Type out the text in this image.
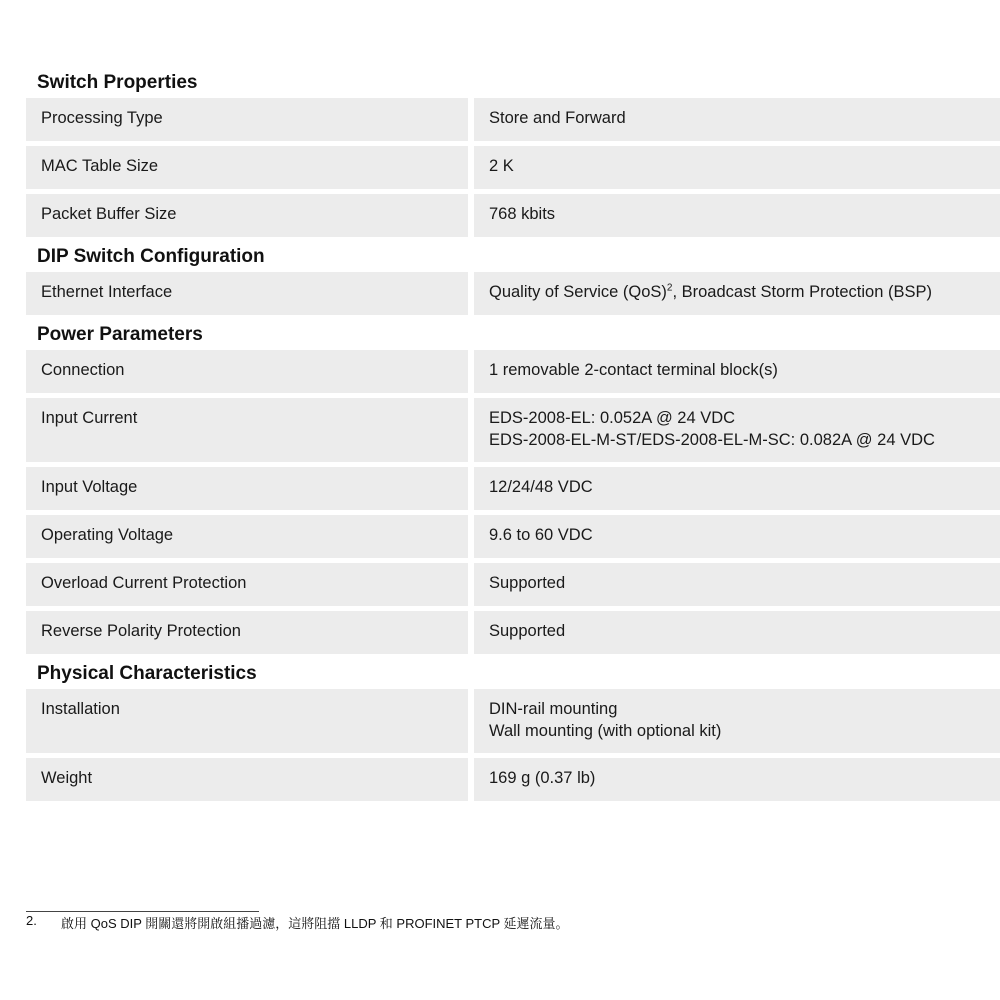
Switch Properties
Processing Type	Store and Forward
MAC Table Size	2 K
Packet Buffer Size	768 kbits
DIP Switch Configuration
Ethernet Interface	Quality of Service (QoS)$^2$, Broadcast Storm Protection (BSP)
Power Parameters
Connection	1 removable 2-contact terminal block(s)
Input Current	EDS-2008-EL: 0.052A @ 24 VDC
EDS-2008-EL-M-ST/EDS-2008-EL-M-SC: 0.082A @ 24 VDC
Input Voltage	12/24/48 VDC
Operating Voltage	9.6 to 60 VDC
Overload Current Protection	Supported
Reverse Polarity Protection	Supported
Physical Characteristics
Installation	DIN-rail mounting
Wall mounting (with optional kit)
Weight	169 g (0.37 lb)
2.	啟用 QoS DIP 開關還將開啟組播過濾，這將阻擋 LLDP 和 PROFINET PTCP 延遲流量。
